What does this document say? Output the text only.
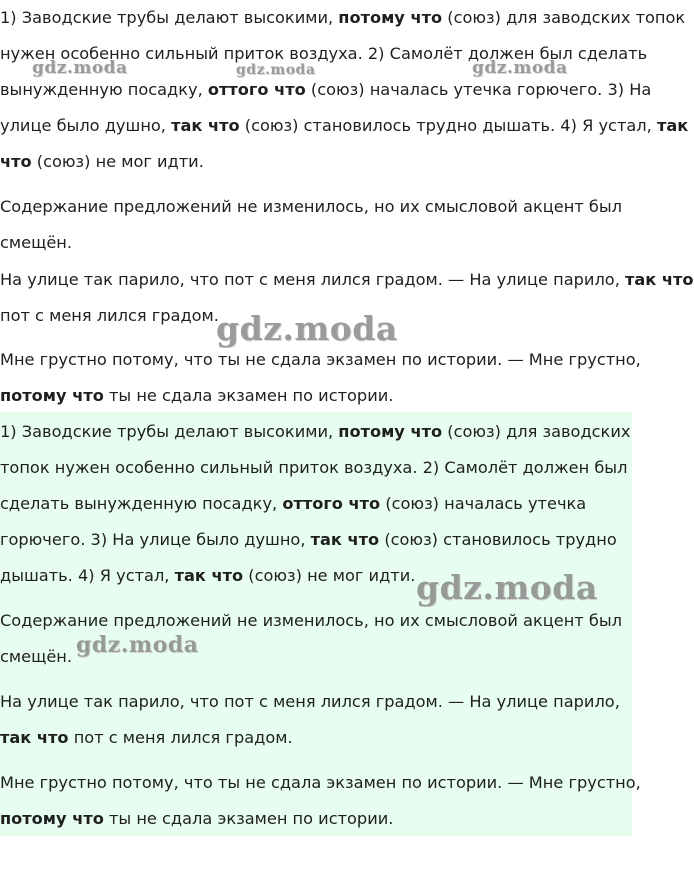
1) Заводские трубы делают высокими, потому что (союз) для заводских топок
нужен особенно сильный приток воздуха. 2) Самолёт должен был сделать
вынужденную посадку, оттого что (союз) началась утечка горючего. 3) На
улице было душно, так что (союз) становилось трудно дышать. 4) Я устал, так
что (союз) не мог идти.
Содержание предложений не изменилось, но их смысловой акцент был
смещён.
На улице так парило, что пот с меня лился градом. — На улице парило, так что
пот с меня лился градом.
Мне грустно потому, что ты не сдала экзамен по истории. — Мне грустно,
потому что ты не сдала экзамен по истории.
1) Заводские трубы делают высокими, потому что (союз) для заводских
топок нужен особенно сильный приток воздуха. 2) Самолёт должен был
сделать вынужденную посадку, оттого что (союз) началась утечка
горючего. 3) На улице было душно, так что (союз) становилось трудно
дышать. 4) Я устал, так что (союз) не мог идти.
Содержание предложений не изменилось, но их смысловой акцент был
смещён.
На улице так парило, что пот с меня лился градом. — На улице парило,
так что пот с меня лился градом.
Мне грустно потому, что ты не сдала экзамен по истории. — Мне грустно,
потому что ты не сдала экзамен по истории.
gdz.moda	gdz.moda	gdz.moda
gdz.moda
gdz.moda
gdz.moda
